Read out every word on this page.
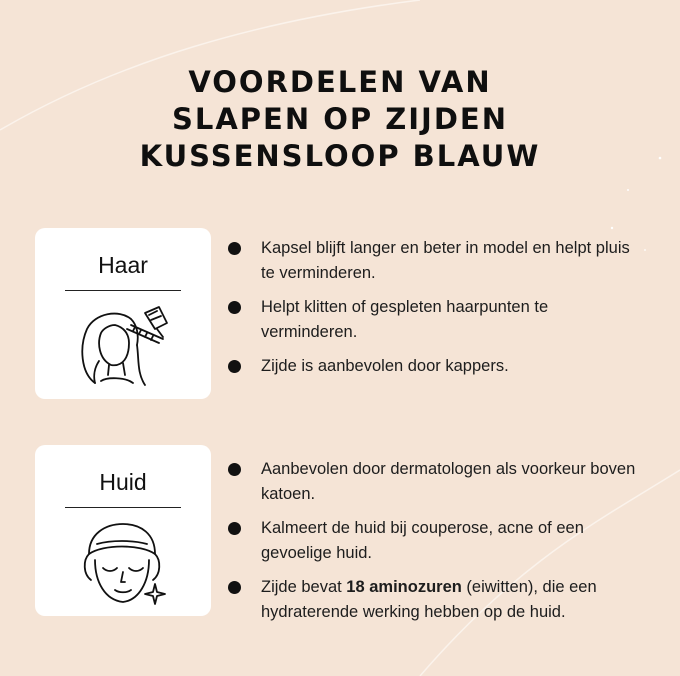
VOORDELEN VAN
SLAPEN OP ZIJDEN
KUSSENSLOOP BLAUW
Haar
Kapsel blijft langer en beter in model en helpt pluis te verminderen.
Helpt klitten of gespleten haarpunten te verminderen.
Zijde is aanbevolen door kappers.
Huid	Aanbevolen door dermatologen als voorkeur boven katoen.
Kalmeert de huid bij couperose, acne of een gevoelige huid.
Zijde bevat 18 aminozuren (eiwitten), die een hydraterende werking hebben op de huid.
